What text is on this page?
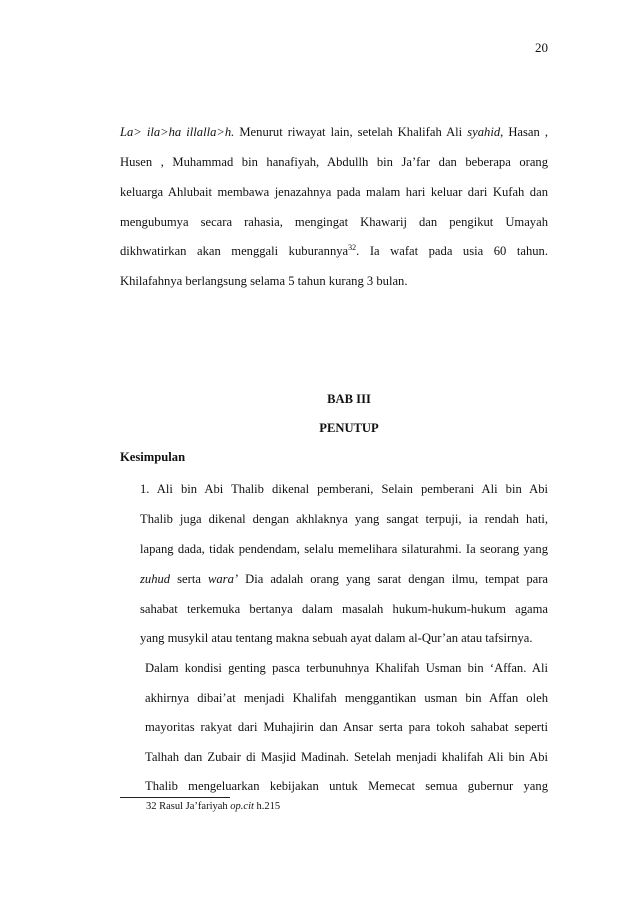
20
La> ila>ha illalla>h. Menurut riwayat lain, setelah Khalifah Ali syahid, Hasan ,
Husen , Muhammad bin hanafiyah, Abdullh bin Ja’far dan beberapa orang
keluarga Ahlubait membawa jenazahnya pada malam hari keluar dari Kufah dan
mengubumya secara rahasia, mengingat Khawarij dan pengikut Umayah
dikhwatirkan akan menggali kuburannya$^{32}$. Ia wafat pada usia 60 tahun.
Khilafahnya berlangsung selama 5 tahun kurang 3 bulan.
BAB III
PENUTUP
Kesimpulan
1. Ali bin Abi Thalib dikenal pemberani, Selain pemberani Ali bin Abi
Thalib juga dikenal dengan akhlaknya yang sangat terpuji, ia rendah hati,
lapang dada, tidak pendendam, selalu memelihara silaturahmi. Ia seorang yang
zuhud serta wara’ Dia adalah orang yang sarat dengan ilmu, tempat para
sahabat terkemuka bertanya dalam masalah hukum-hukum-hukum agama
yang musykil atau tentang makna sebuah ayat dalam al-Qur’an atau tafsirnya.
Dalam kondisi genting pasca terbunuhnya Khalifah Usman bin ‘Affan. Ali
akhirnya dibai’at menjadi Khalifah menggantikan usman bin Affan oleh
mayoritas rakyat dari Muhajirin dan Ansar serta para tokoh sahabat seperti
Talhah dan Zubair di Masjid Madinah. Setelah menjadi khalifah Ali bin Abi
Thalib mengeluarkan kebijakan untuk Memecat semua gubernur yang
32 Rasul Ja’fariyah op.cit h.215
